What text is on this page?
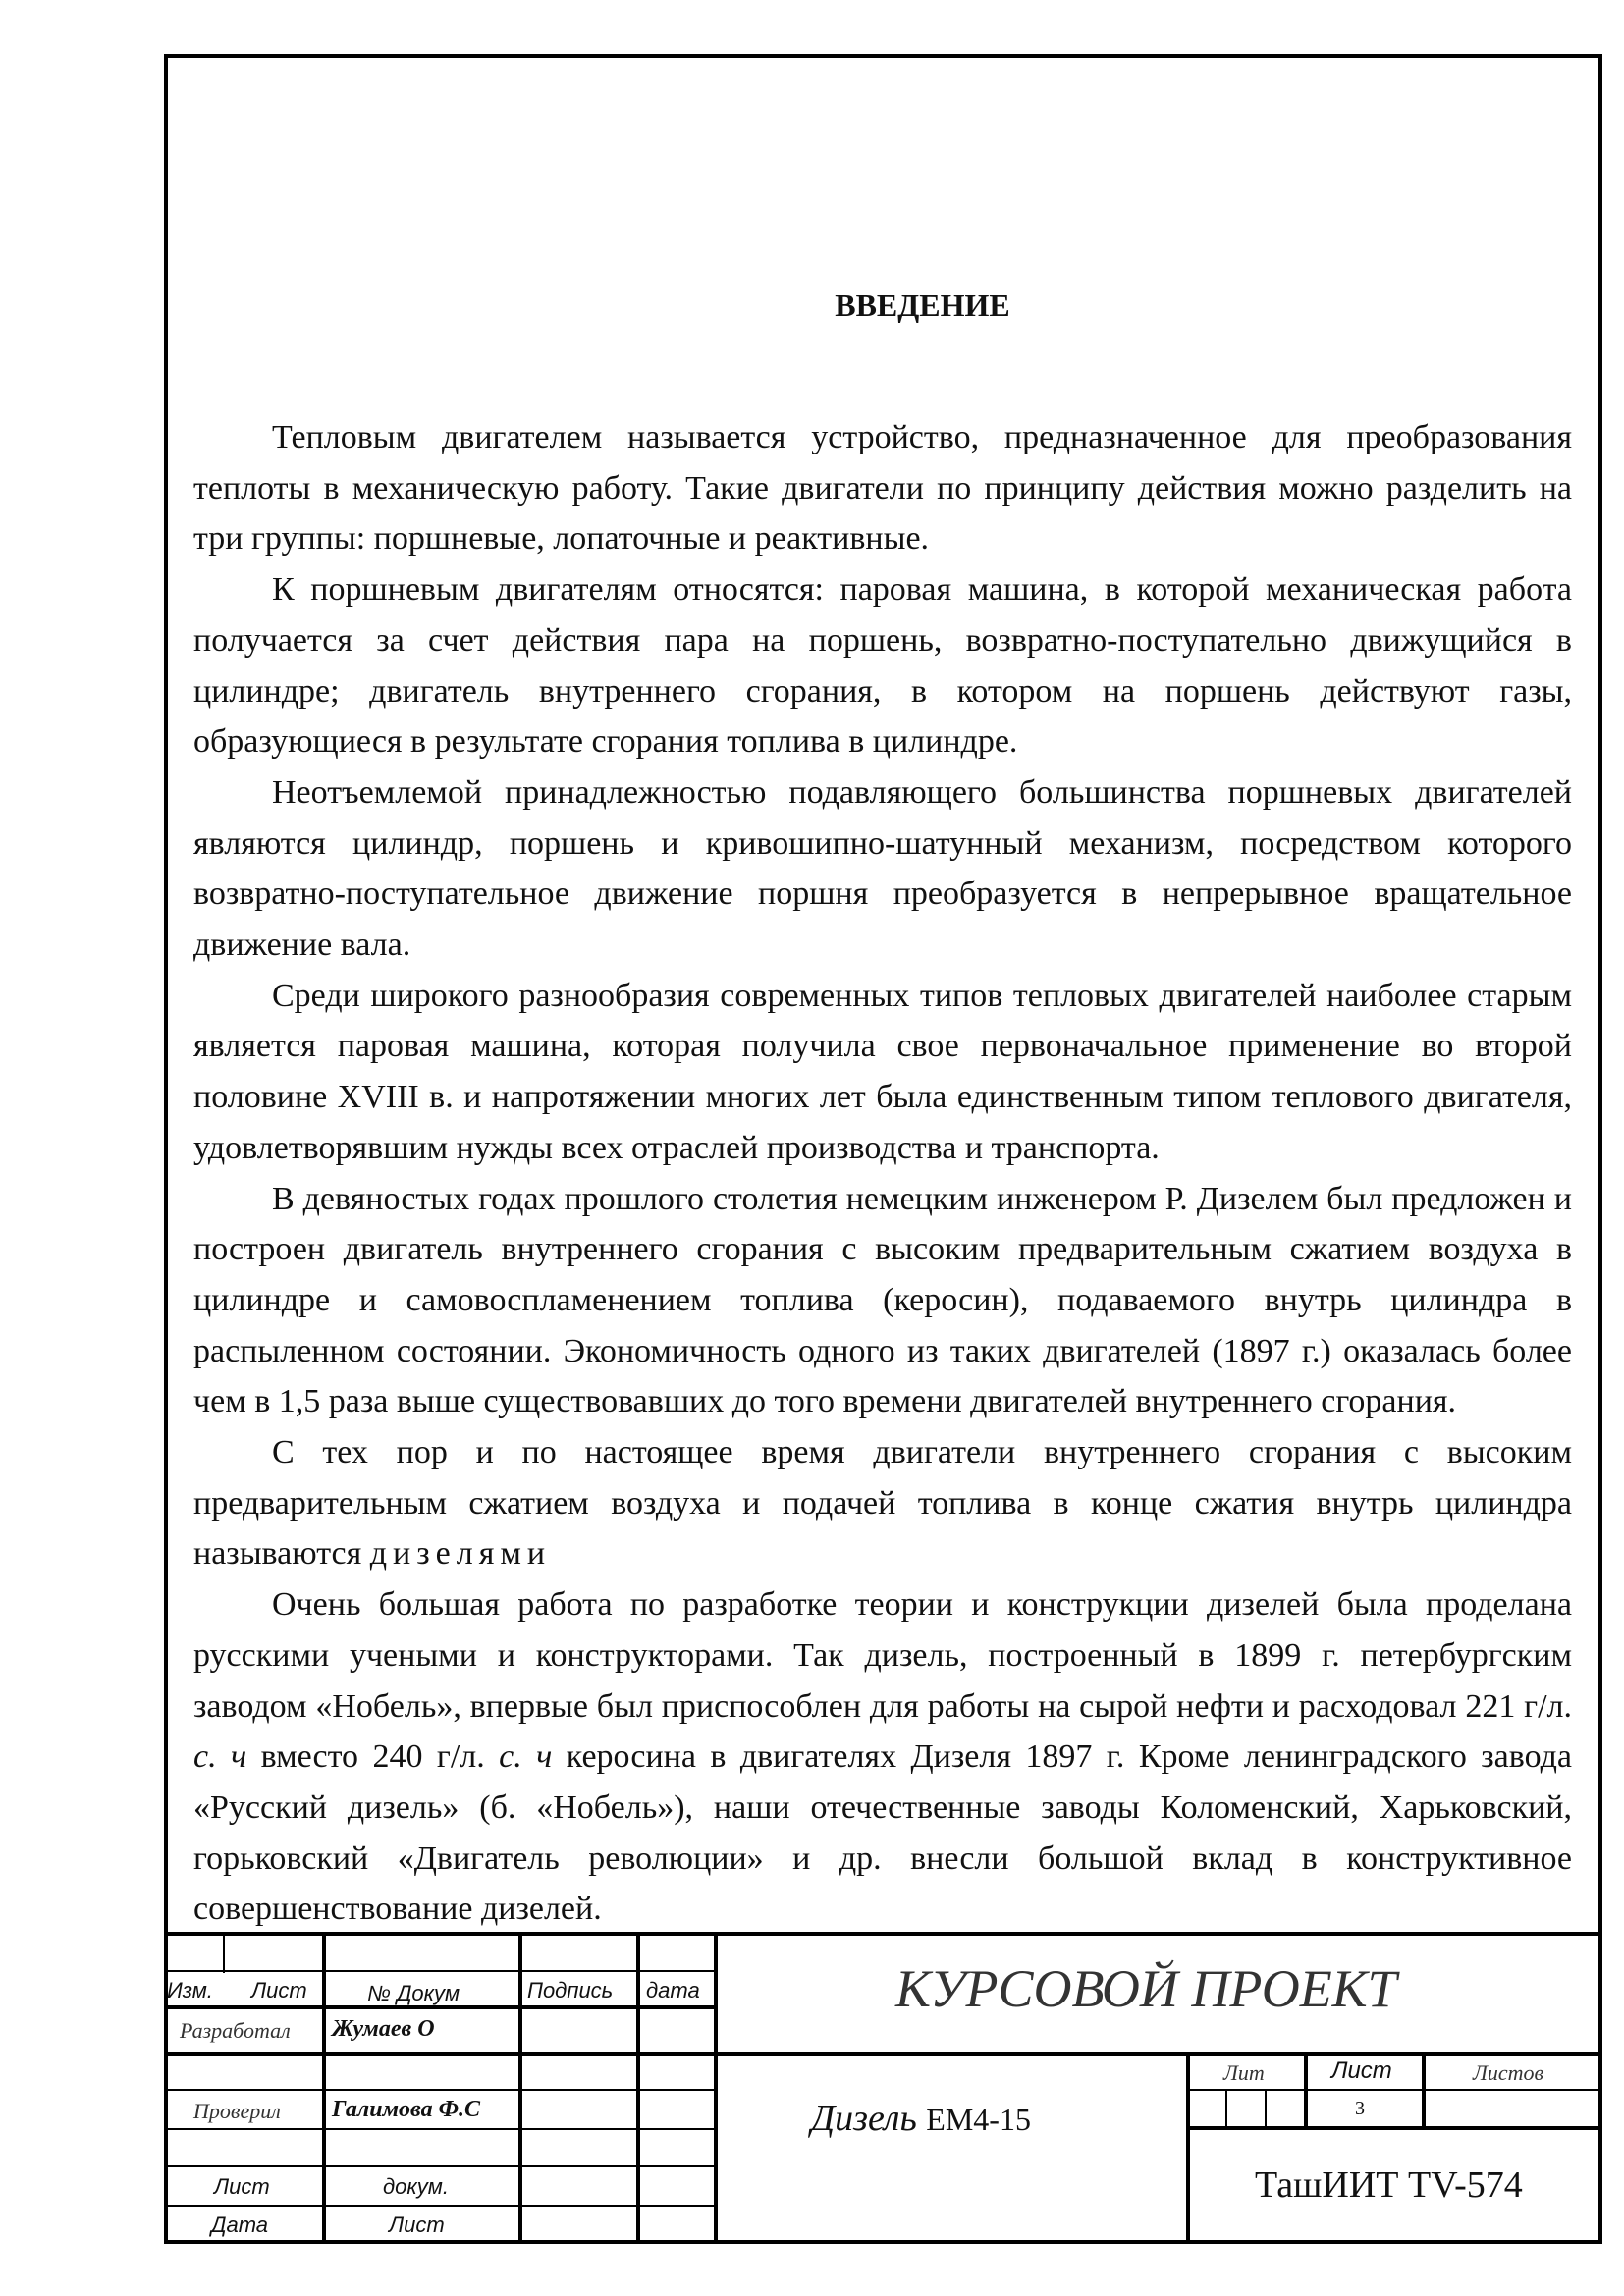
ВВЕДЕНИЕ

Тепловым двигателем называется устройство, предназначенное для преобразования теплоты в механическую работу. Такие двигатели по принципу действия можно разделить на три группы: поршневые, лопаточные и реактивные.

К поршневым двигателям относятся: паровая машина, в которой механическая работа получается за счет действия пара на поршень, возвратно-поступательно движущийся в цилиндре; двигатель внутреннего сгорания, в котором на поршень действуют газы, образующиеся в результате сгорания топлива в цилиндре.

Неотъемлемой принадлежностью подавляющего большинства поршневых двигателей являются цилиндр, поршень и кривошипно-шатунный механизм, посредством которого возвратно-поступательное движение поршня преобразуется в непрерывное вращательное движение вала.

Среди широкого разнообразия современных типов тепловых двигателей наиболее старым является паровая машина, которая получила свое первоначальное применение во второй половине XVIII в. и напротяжении многих лет была единственным типом теплового двигателя, удовлетворявшим нужды всех отраслей производства и транспорта.

В девяностых годах прошлого столетия немецким инженером Р. Дизелем был предложен и построен двигатель внутреннего сгорания с высоким предварительным сжатием воздуха в цилиндре и самовоспламенением топлива (керосин), подаваемого внутрь цилиндра в распыленном состоянии. Экономичность одного из таких двигателей (1897 г.) оказалась более чем в 1,5 раза выше существовавших до того времени двигателей внутреннего сгорания.

С тех пор и по настоящее время двигатели внутреннего сгорания с высоким предварительным сжатием воздуха и подачей топлива в конце сжатия внутрь цилиндра называются дизелями

Очень большая работа по разработке теории и конструкции дизелей была проделана русскими учеными и конструкторами. Так дизель, построенный в 1899 г. петербургским заводом «Нобель», впервые был приспособлен для работы на сырой нефти и расходовал 221 г/л. с. ч вместо 240 г/л. с. ч керосина в двигателях Дизеля 1897 г. Кроме ленинградского завода «Русский дизель» (б. «Нобель»), наши отечественные заводы Коломенский, Харьковский, горьковский «Двигатель революции» и др. внесли большой вклад в конструктивное совершенствование дизелей.

КУРСОВОЙ ПРОЕКТ
Изм. Лист	№ Докум	Подпись дата
Разработал Жумаев О
Проверил Галимова Ф.С
Лист	докум.
Дата	Лист
Дизель ЕМ4-15
Лит	Лист	Листов
3
ТашИИТ TV-574
